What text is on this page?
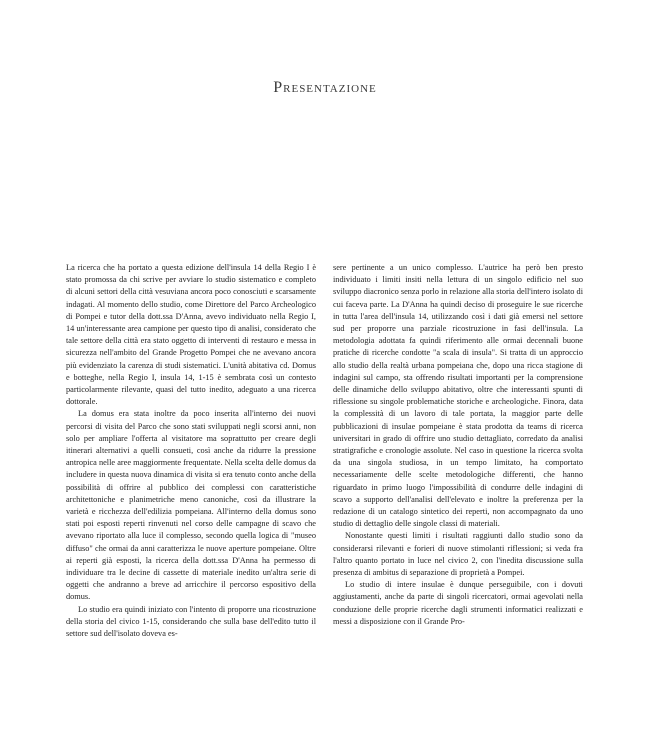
Presentazione

La ricerca che ha portato a questa edizione dell'insula 14 della Regio I è stato promossa da chi scrive per avviare lo studio sistematico e completo di alcuni settori della città vesuviana ancora poco conosciuti e scarsamente indagati. Al momento dello studio, come Direttore del Parco Archeologico di Pompei e tutor della dott.ssa D'Anna, avevo individuato nella Regio I, 14 un'interessante area campione per questo tipo di analisi, considerato che tale settore della città era stato oggetto di interventi di restauro e messa in sicurezza nell'ambito del Grande Progetto Pompei che ne avevano ancora più evidenziato la carenza di studi sistematici. L'unità abitativa cd. Domus e botteghe, nella Regio I, insula 14, 1-15 è sembrata così un contesto particolarmente rilevante, quasi del tutto inedito, adeguato a una ricerca dottorale.

La domus era stata inoltre da poco inserita all'interno dei nuovi percorsi di visita del Parco che sono stati sviluppati negli scorsi anni, non solo per ampliare l'offerta al visitatore ma soprattutto per creare degli itinerari alternativi a quelli consueti, così anche da ridurre la pressione antropica nelle aree maggiormente frequentate. Nella scelta delle domus da includere in questa nuova dinamica di visita si era tenuto conto anche della possibilità di offrire al pubblico dei complessi con caratteristiche architettoniche e planimetriche meno canoniche, così da illustrare la varietà e ricchezza dell'edilizia pompeiana. All'interno della domus sono stati poi esposti reperti rinvenuti nel corso delle campagne di scavo che avevano riportato alla luce il complesso, secondo quella logica di "museo diffuso" che ormai da anni caratterizza le nuove aperture pompeiane. Oltre ai reperti già esposti, la ricerca della dott.ssa D'Anna ha permesso di individuare tra le decine di cassette di materiale inedito un'altra serie di oggetti che andranno a breve ad arricchire il percorso espositivo della domus.

Lo studio era quindi iniziato con l'intento di proporre una ricostruzione della storia del civico 1-15, considerando che sulla base dell'edito tutto il settore sud dell'isolato doveva es-

sere pertinente a un unico complesso. L'autrice ha però ben presto individuato i limiti insiti nella lettura di un singolo edificio nel suo sviluppo diacronico senza porlo in relazione alla storia dell'intero isolato di cui faceva parte. La D'Anna ha quindi deciso di proseguire le sue ricerche in tutta l'area dell'insula 14, utilizzando così i dati già emersi nel settore sud per proporre una parziale ricostruzione in fasi dell'insula. La metodologia adottata fa quindi riferimento alle ormai decennali buone pratiche di ricerche condotte "a scala di insula". Si tratta di un approccio allo studio della realtà urbana pompeiana che, dopo una ricca stagione di indagini sul campo, sta offrendo risultati importanti per la comprensione delle dinamiche dello sviluppo abitativo, oltre che interessanti spunti di riflessione su singole problematiche storiche e archeologiche. Finora, data la complessità di un lavoro di tale portata, la maggior parte delle pubblicazioni di insulae pompeiane è stata prodotta da teams di ricerca universitari in grado di offrire uno studio dettagliato, corredato da analisi stratigrafiche e cronologie assolute. Nel caso in questione la ricerca svolta da una singola studiosa, in un tempo limitato, ha comportato necessariamente delle scelte metodologiche differenti, che hanno riguardato in primo luogo l'impossibilità di condurre delle indagini di scavo a supporto dell'analisi dell'elevato e inoltre la preferenza per la redazione di un catalogo sintetico dei reperti, non accompagnato da uno studio di dettaglio delle singole classi di materiali.

Nonostante questi limiti i risultati raggiunti dallo studio sono da considerarsi rilevanti e forieri di nuove stimolanti riflessioni; si veda fra l'altro quanto portato in luce nel civico 2, con l'inedita discussione sulla presenza di ambitus di separazione di proprietà a Pompei.

Lo studio di intere insulae è dunque perseguibile, con i dovuti aggiustamenti, anche da parte di singoli ricercatori, ormai agevolati nella conduzione delle proprie ricerche dagli strumenti informatici realizzati e messi a disposizione con il Grande Pro-
